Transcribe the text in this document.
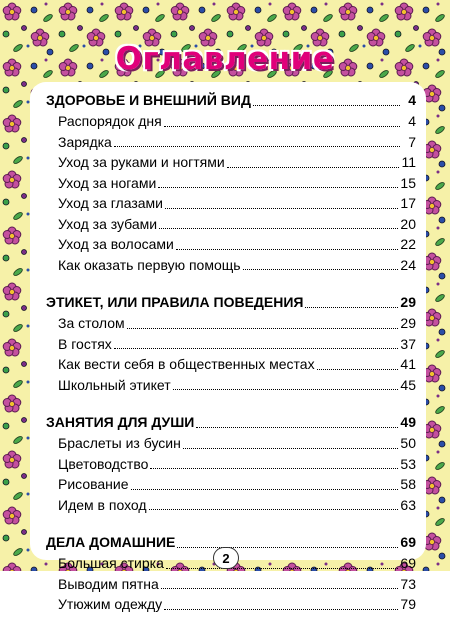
Оглавление
ЗДОРОВЬЕ И ВНЕШНИЙ ВИД	4
Распорядок дня	4
Зарядка	7
Уход за руками и ногтями	11
Уход за ногами	15
Уход за глазами	17
Уход за зубами	20
Уход за волосами	22
Как оказать первую помощь	24
ЭТИКЕТ, ИЛИ ПРАВИЛА ПОВЕДЕНИЯ	29
За столом	29
В гостях	37
Как вести себя в общественных местах	41
Школьный этикет	45
ЗАНЯТИЯ ДЛЯ ДУШИ	49
Браслеты из бусин	50
Цветоводство	53
Рисование	58
Идем в поход	63
ДЕЛА ДОМАШНИЕ	69
Большая стирка	69
Выводим пятна	73
Утюжим одежду	79
2
